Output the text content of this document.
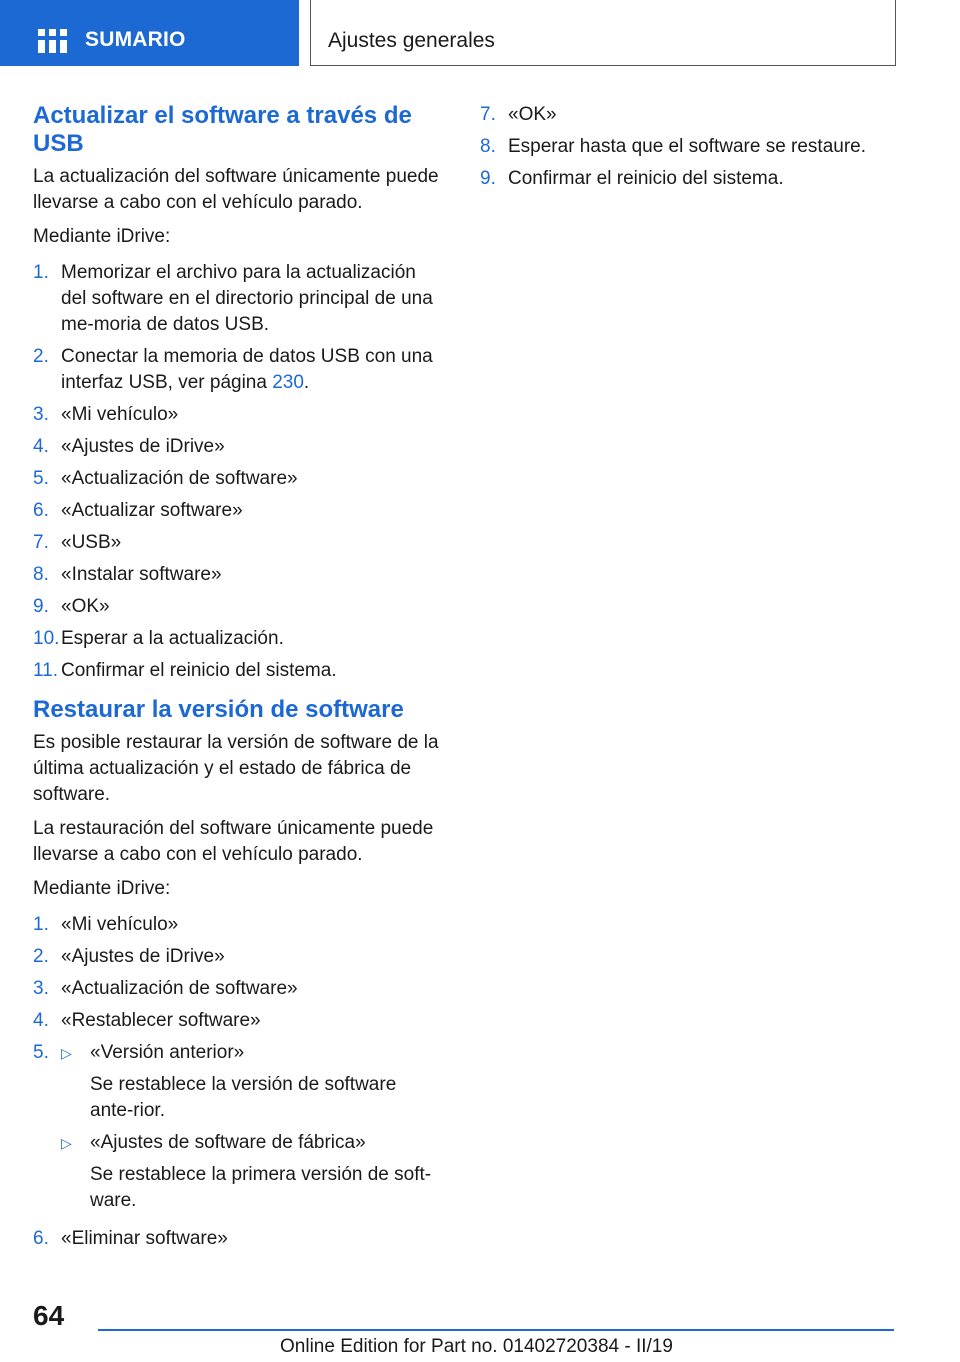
SUMARIO	Ajustes generales
Actualizar el software a través de USB

La actualización del software únicamente puede llevarse a cabo con el vehículo parado.

Mediante iDrive:

1. Memorizar el archivo para la actualización del software en el directorio principal de una me-moria de datos USB.
2. Conectar la memoria de datos USB con una interfaz USB, ver página 230.
3. «Mi vehículo»
4. «Ajustes de iDrive»
5. «Actualización de software»
6. «Actualizar software»
7. «USB»
8. «Instalar software»
9. «OK»
10. Esperar a la actualización.
11. Confirmar el reinicio del sistema.
Restaurar la versión de software

Es posible restaurar la versión de software de la última actualización y el estado de fábrica de software.

La restauración del software únicamente puede llevarse a cabo con el vehículo parado.

Mediante iDrive:

1. «Mi vehículo»
2. «Ajustes de iDrive»
3. «Actualización de software»
4. «Restablecer software»
5. ▷ «Versión anterior»
Se restablece la versión de software ante-rior.
▷ «Ajustes de software de fábrica»
Se restablece la primera versión de soft-ware.
6. «Eliminar software»
7. «OK»
8. Esperar hasta que el software se restaure.
9. Confirmar el reinicio del sistema.
64
Online Edition for Part no. 01402720384 - II/19
